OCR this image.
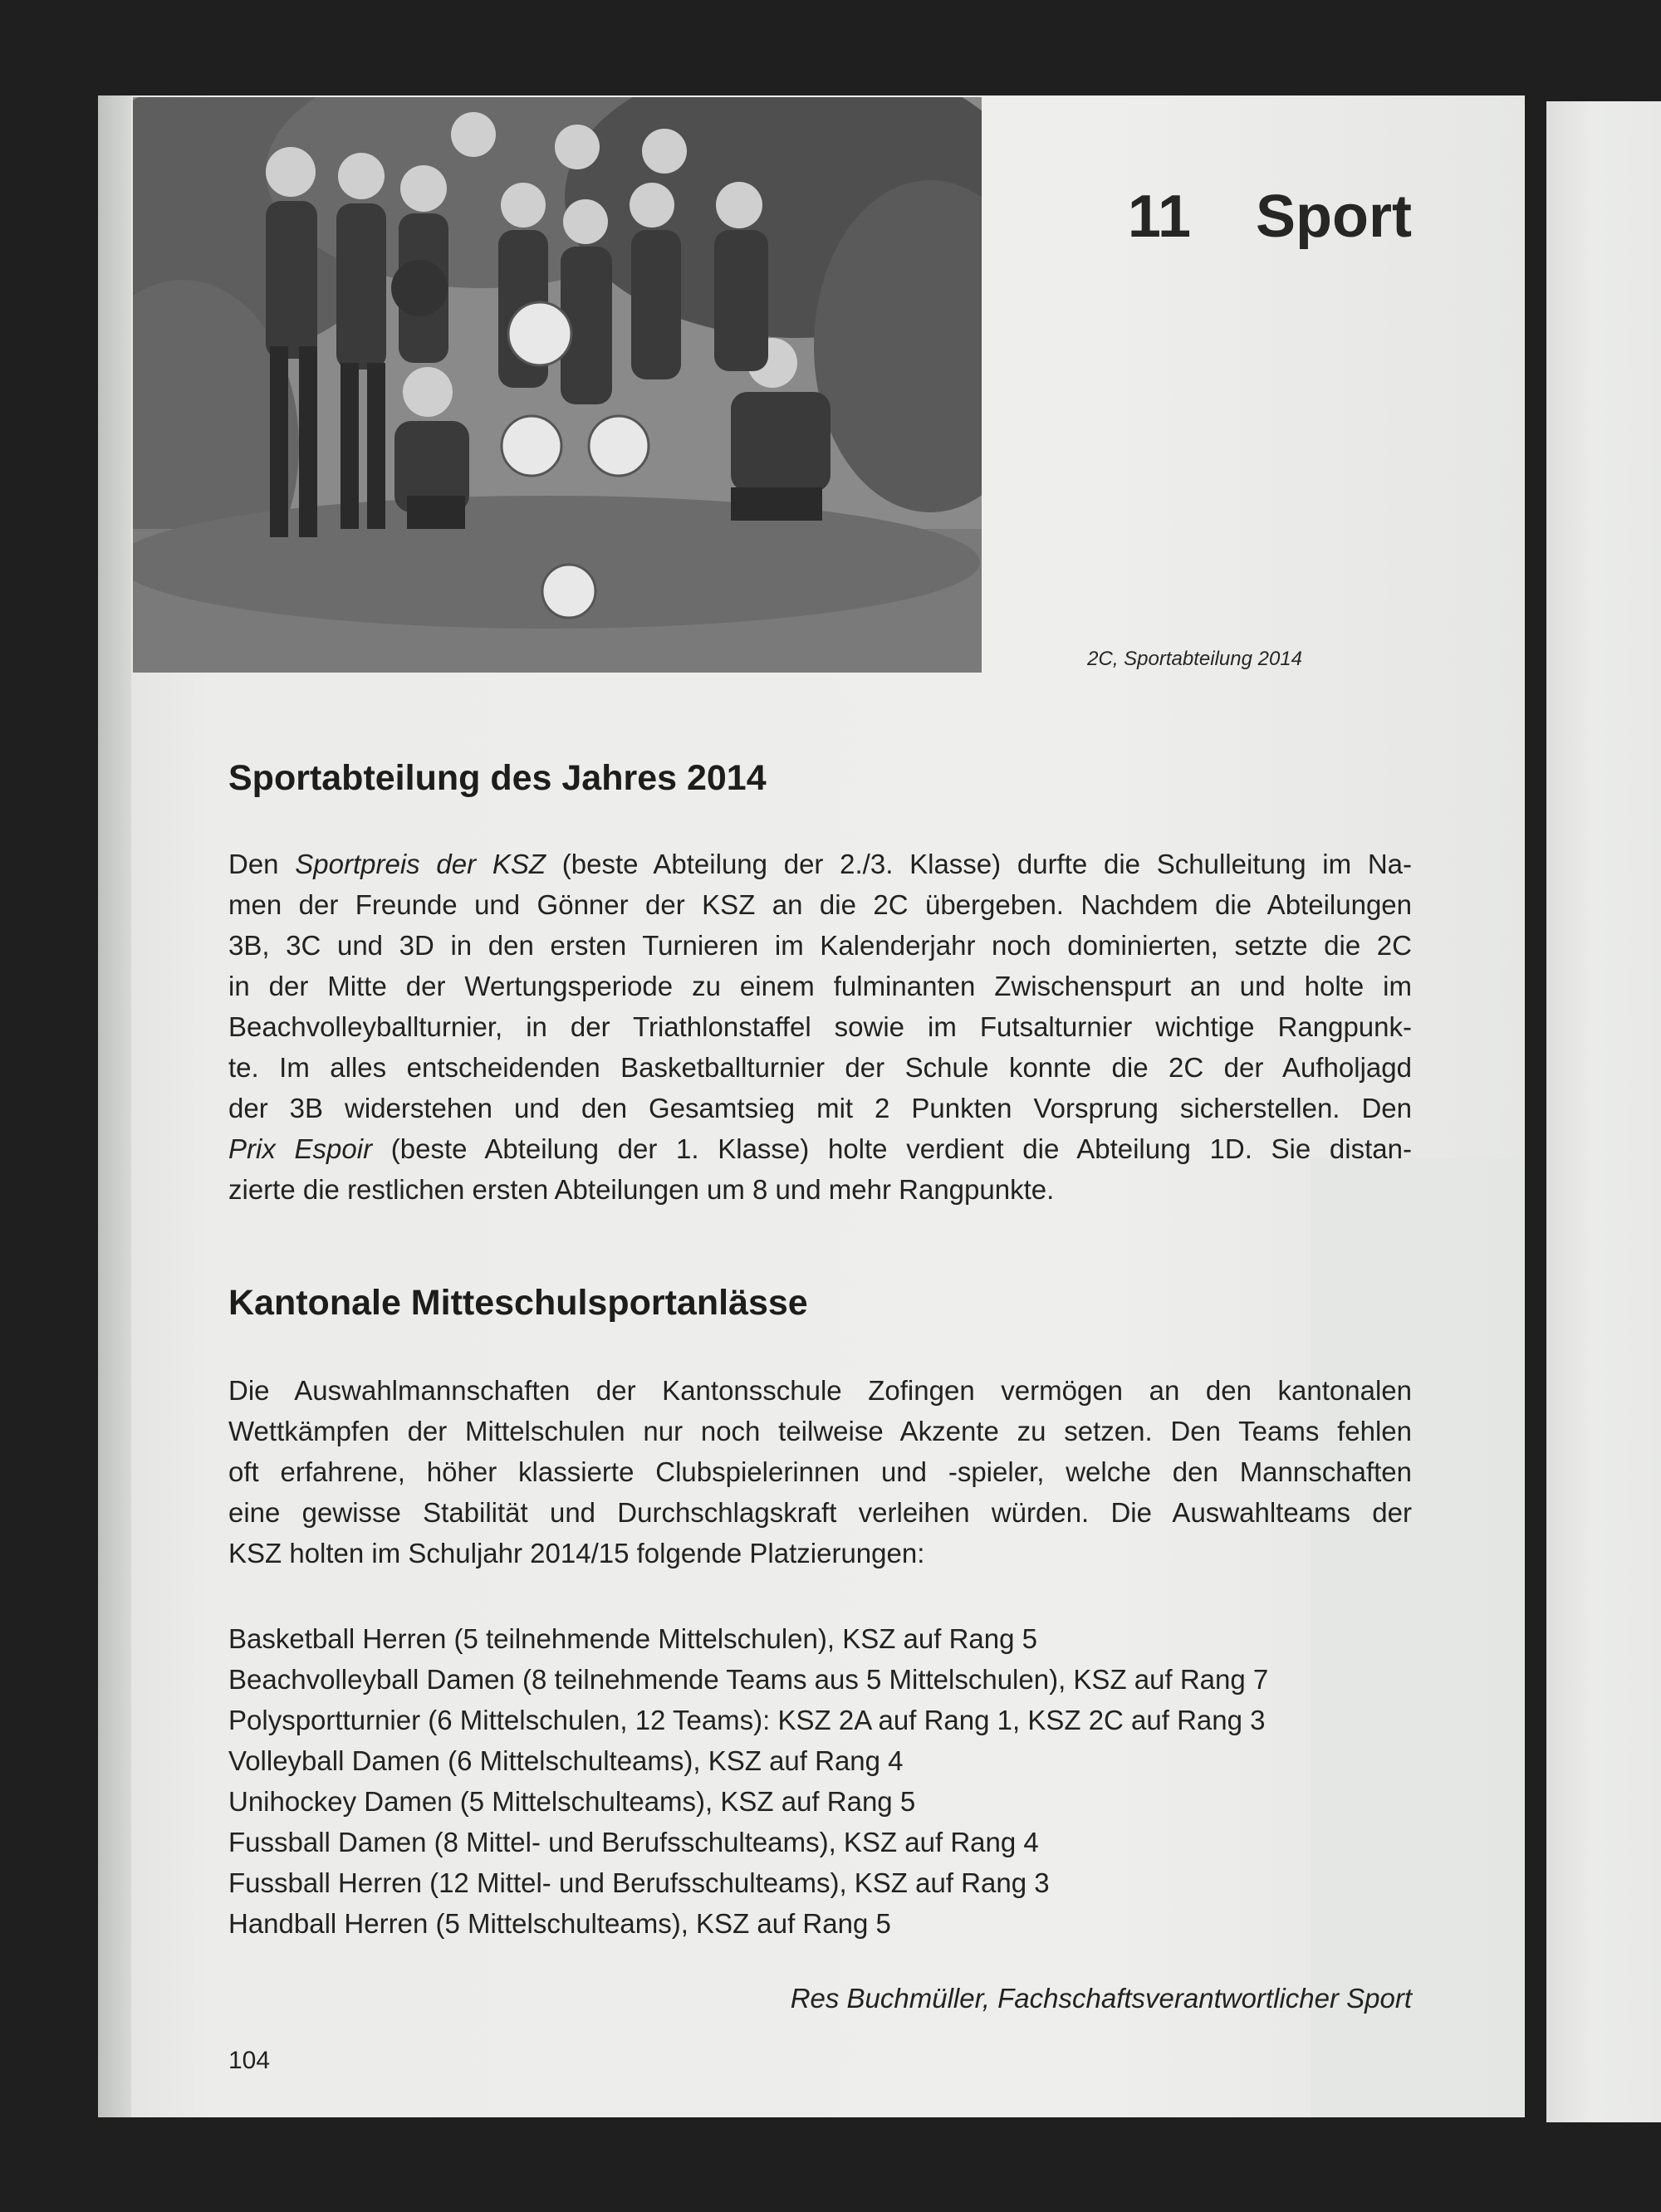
11 Sport
2C, Sportabteilung 2014
Sportabteilung des Jahres 2014
Den Sportpreis der KSZ (beste Abteilung der 2./3. Klasse) durfte die Schulleitung im Na-
men der Freunde und Gönner der KSZ an die 2C übergeben. Nachdem die Abteilungen
3B, 3C und 3D in den ersten Turnieren im Kalenderjahr noch dominierten, setzte die 2C
in der Mitte der Wertungsperiode zu einem fulminanten Zwischenspurt an und holte im
Beachvolleyballturnier, in der Triathlonstaffel sowie im Futsalturnier wichtige Rangpunk-
te. Im alles entscheidenden Basketballturnier der Schule konnte die 2C der Aufholjagd
der 3B widerstehen und den Gesamtsieg mit 2 Punkten Vorsprung sicherstellen. Den
Prix Espoir (beste Abteilung der 1. Klasse) holte verdient die Abteilung 1D. Sie distan-
zierte die restlichen ersten Abteilungen um 8 und mehr Rangpunkte.
Kantonale Mitteschulsportanlässe
Die Auswahlmannschaften der Kantonsschule Zofingen vermögen an den kantonalen
Wettkämpfen der Mittelschulen nur noch teilweise Akzente zu setzen. Den Teams fehlen
oft erfahrene, höher klassierte Clubspielerinnen und -spieler, welche den Mannschaften
eine gewisse Stabilität und Durchschlagskraft verleihen würden. Die Auswahlteams der
KSZ holten im Schuljahr 2014/15 folgende Platzierungen:
Basketball Herren (5 teilnehmende Mittelschulen), KSZ auf Rang 5
Beachvolleyball Damen (8 teilnehmende Teams aus 5 Mittelschulen), KSZ auf Rang 7
Polysportturnier (6 Mittelschulen, 12 Teams): KSZ 2A auf Rang 1, KSZ 2C auf Rang 3
Volleyball Damen (6 Mittelschulteams), KSZ auf Rang 4
Unihockey Damen (5 Mittelschulteams), KSZ auf Rang 5
Fussball Damen (8 Mittel- und Berufsschulteams), KSZ auf Rang 4
Fussball Herren (12 Mittel- und Berufsschulteams), KSZ auf Rang 3
Handball Herren (5 Mittelschulteams), KSZ auf Rang 5
Res Buchmüller, Fachschaftsverantwortlicher Sport
104
